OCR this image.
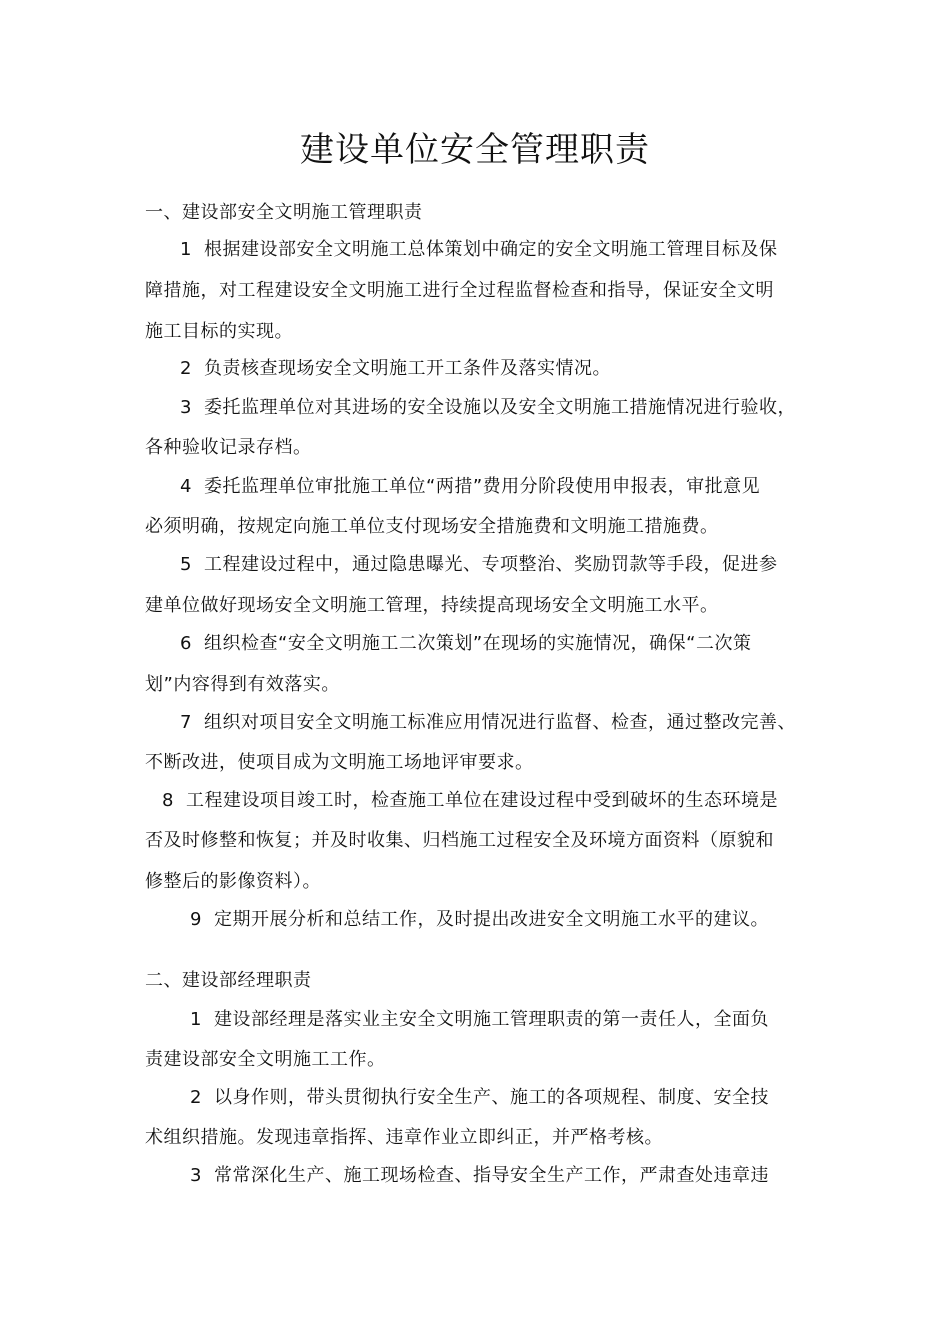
建设单位安全管理职责
一、建设部安全文明施工管理职责
1 根据建设部安全文明施工总体策划中确定的安全文明施工管理目标及保
障措施，对工程建设安全文明施工进行全过程监督检查和指导，保证安全文明
施工目标的实现。
2 负责核查现场安全文明施工开工条件及落实情况。
3 委托监理单位对其进场的安全设施以及安全文明施工措施情况进行验收，
各种验收记录存档。
4 委托监理单位审批施工单位“两措”费用分阶段使用申报表，审批意见
必须明确，按规定向施工单位支付现场安全措施费和文明施工措施费。
5 工程建设过程中，通过隐患曝光、专项整治、奖励罚款等手段，促进参
建单位做好现场安全文明施工管理，持续提高现场安全文明施工水平。
6 组织检查“安全文明施工二次策划”在现场的实施情况，确保“二次策
划”内容得到有效落实。
7 组织对项目安全文明施工标准应用情况进行监督、检查，通过整改完善、
不断改进，使项目成为文明施工场地评审要求。
8 工程建设项目竣工时，检查施工单位在建设过程中受到破坏的生态环境是
否及时修整和恢复；并及时收集、归档施工过程安全及环境方面资料（原貌和
修整后的影像资料）。
9 定期开展分析和总结工作，及时提出改进安全文明施工水平的建议。
二、建设部经理职责
1 建设部经理是落实业主安全文明施工管理职责的第一责任人，全面负
责建设部安全文明施工工作。
2 以身作则，带头贯彻执行安全生产、施工的各项规程、制度、安全技
术组织措施。发现违章指挥、违章作业立即纠正，并严格考核。
3 常常深化生产、施工现场检查、指导安全生产工作，严肃查处违章违
